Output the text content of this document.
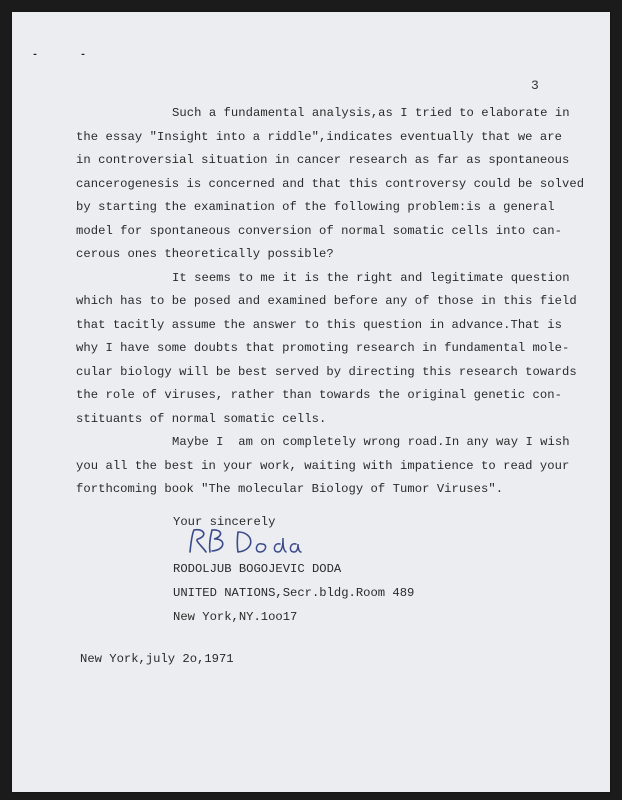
- -
3
Such a fundamental analysis,as I tried to elaborate in
the essay "Insight into a riddle",indicates eventually that we are
in controversial situation in cancer research as far as spontaneous
cancerogenesis is concerned and that this controversy could be solved
by starting the examination of the following problem:is a general
model for spontaneous conversion of normal somatic cells into can-
cerous ones theoretically possible?
It seems to me it is the right and legitimate question
which has to be posed and examined before any of those in this field
that tacitly assume the answer to this question in advance.That is
why I have some doubts that promoting research in fundamental mole-
cular biology will be best served by directing this research towards
the role of viruses, rather than towards the original genetic con-
stituants of normal somatic cells.
Maybe I  am on completely wrong road.In any way I wish
you all the best in your work, waiting with impatience to read your
forthcoming book "The molecular Biology of Tumor Viruses".
Your sincerely
RODOLJUB BOGOJEVIC DODA
UNITED NATIONS,Secr.bldg.Room 489
New York,NY.1oo17
New York,july 2o,1971
